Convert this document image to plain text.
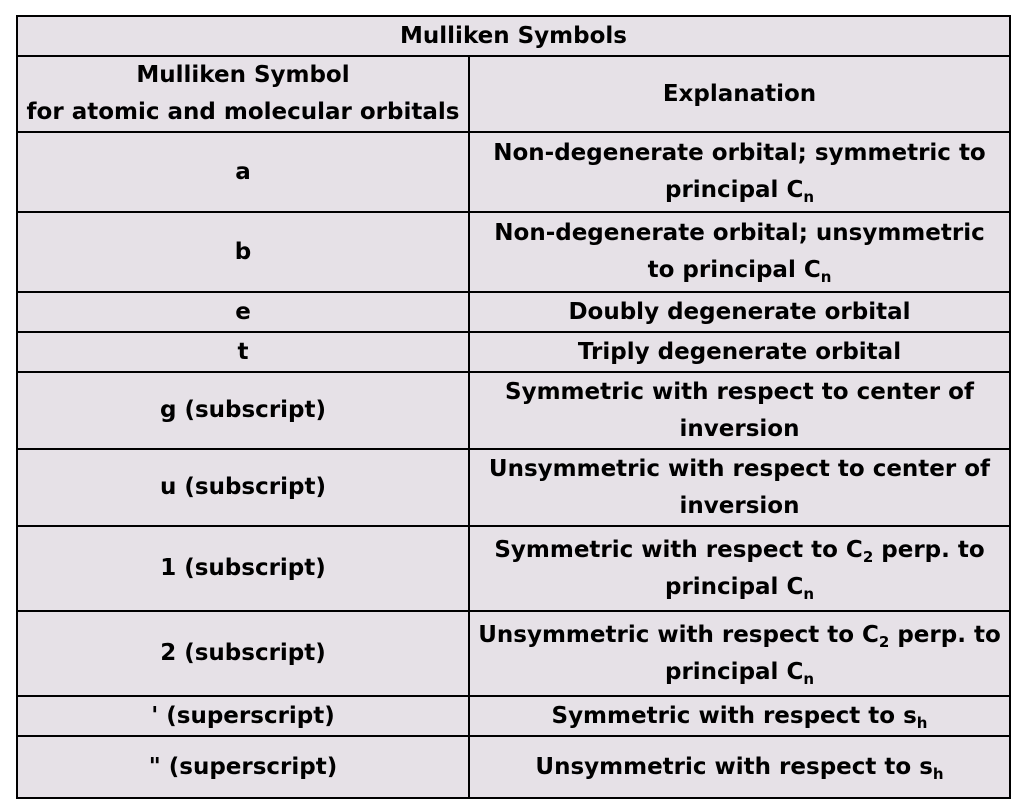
Mulliken Symbols	
Mulliken Symbol
for atomic and molecular orbitals	Explanation
a	Non-degenerate orbital; symmetric to principal $C_n$
b	Non-degenerate orbital; unsymmetric to principal $C_n$
e	Doubly degenerate orbital
t	Triply degenerate orbital
g (subscript)	Symmetric with respect to center of inversion
u (subscript)	Unsymmetric with respect to center of inversion
1 (subscript)	Symmetric with respect to $C_2$ perp. to principal $C_n$
2 (subscript)	Unsymmetric with respect to $C_2$ perp. to principal $C_n$
' (superscript)	Symmetric with respect to $s_h$
" (superscript)	Unsymmetric with respect to $s_h$
